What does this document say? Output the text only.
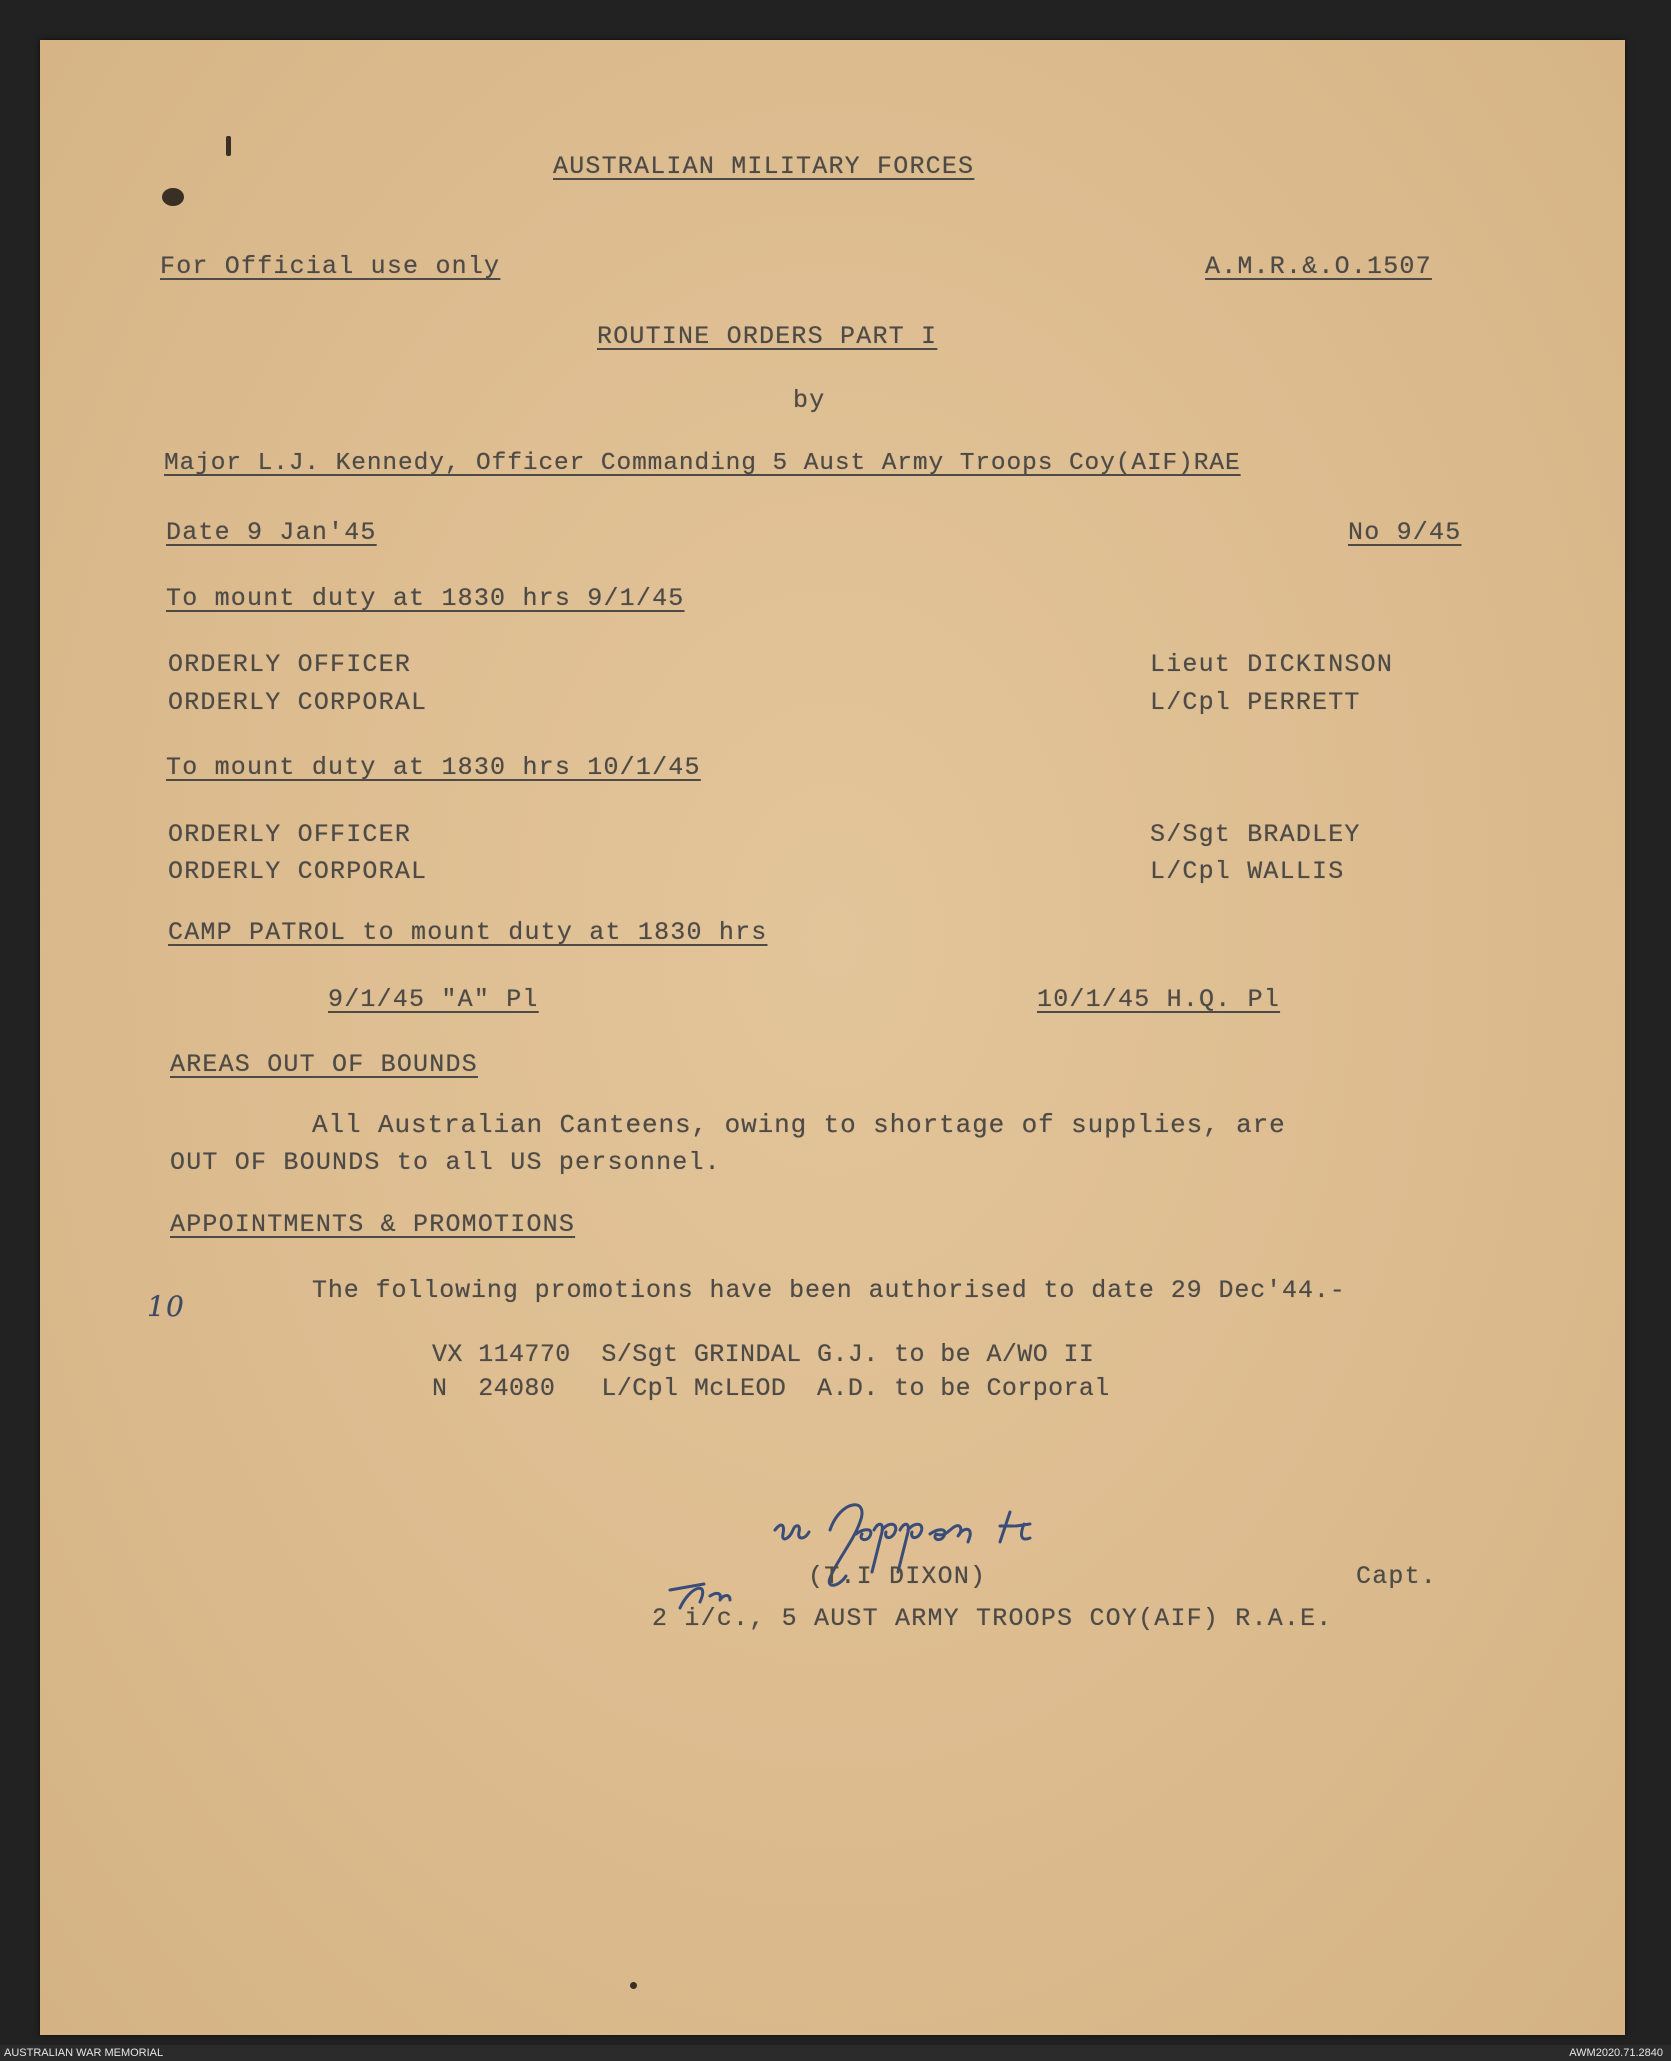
AUSTRALIAN MILITARY FORCES
For Official use only	A.M.R.&.O.1507
ROUTINE ORDERS PART I
by
Major L.J. Kennedy, Officer Commanding 5 Aust Army Troops Coy(AIF)RAE
Date 9 Jan'45	No 9/45
To mount duty at 1830 hrs 9/1/45
ORDERLY OFFICER	Lieut DICKINSON
ORDERLY CORPORAL	L/Cpl PERRETT
To mount duty at 1830 hrs 10/1/45
ORDERLY OFFICER	S/Sgt BRADLEY
ORDERLY CORPORAL	L/Cpl WALLIS
CAMP PATROL to mount duty at 1830 hrs
9/1/45 "A" Pl	10/1/45 H.Q. Pl
AREAS OUT OF BOUNDS
All Australian Canteens, owing to shortage of supplies, are
OUT OF BOUNDS to all US personnel.
APPOINTMENTS & PROMOTIONS
10	The following promotions have been authorised to date 29 Dec'44.-
VX 114770  S/Sgt GRINDAL G.J. to be A/WO II
N  24080   L/Cpl McLEOD  A.D. to be Corporal
(T.I DIXON)	Capt.
2 i/c., 5 AUST ARMY TROOPS COY(AIF) R.A.E.
AUSTRALIAN WAR MEMORIAL	AWM2020.71.2840
